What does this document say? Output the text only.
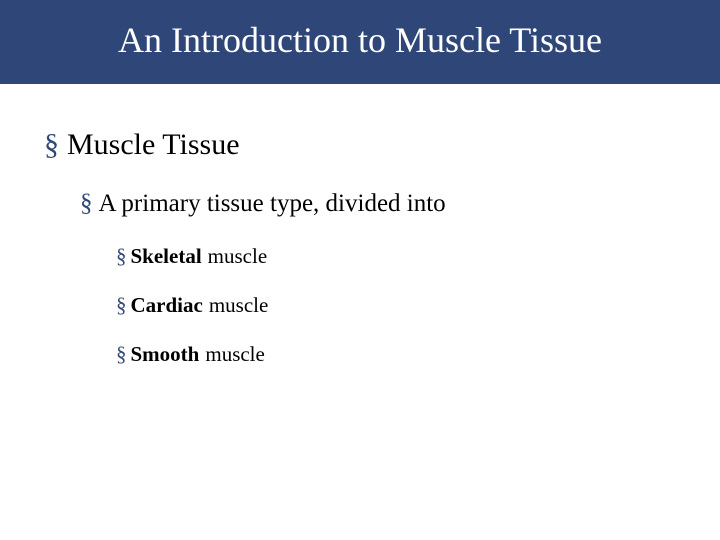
An Introduction to Muscle Tissue
§ Muscle Tissue
§ A primary tissue type, divided into
§ Skeletal muscle
§ Cardiac muscle
§ Smooth muscle
